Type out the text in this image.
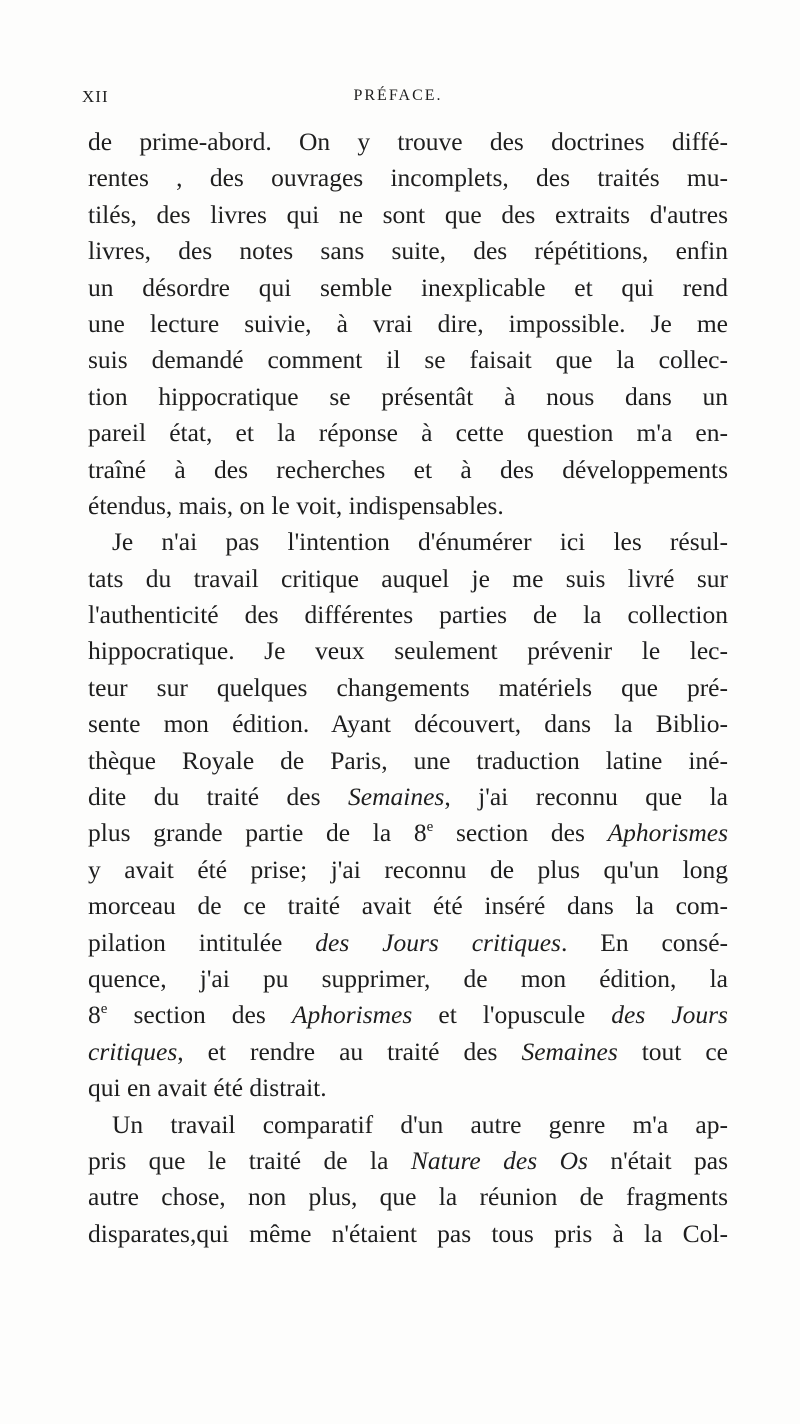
XII	PRÉFACE.
de prime-abord. On y trouve des doctrines diffé-
rentes , des ouvrages incomplets, des traités mu-
tilés, des livres qui ne sont que des extraits d'autres
livres, des notes sans suite, des répétitions, enfin
un désordre qui semble inexplicable et qui rend
une lecture suivie, à vrai dire, impossible. Je me
suis demandé comment il se faisait que la collec-
tion hippocratique se présentât à nous dans un
pareil état, et la réponse à cette question m'a en-
traîné à des recherches et à des développements
étendus, mais, on le voit, indispensables.
Je n'ai pas l'intention d'énumérer ici les résul-
tats du travail critique auquel je me suis livré sur
l'authenticité des différentes parties de la collection
hippocratique. Je veux seulement prévenir le lec-
teur sur quelques changements matériels que pré-
sente mon édition. Ayant découvert, dans la Biblio-
thèque Royale de Paris, une traduction latine iné-
dite du traité des Semaines, j'ai reconnu que la
plus grande partie de la 8e section des Aphorismes
y avait été prise; j'ai reconnu de plus qu'un long
morceau de ce traité avait été inséré dans la com-
pilation intitulée des Jours critiques. En consé-
quence, j'ai pu supprimer, de mon édition, la
8e section des Aphorismes et l'opuscule des Jours
critiques, et rendre au traité des Semaines tout ce
qui en avait été distrait.
Un travail comparatif d'un autre genre m'a ap-
pris que le traité de la Nature des Os n'était pas
autre chose, non plus, que la réunion de fragments
disparates,qui même n'étaient pas tous pris à la Col-
